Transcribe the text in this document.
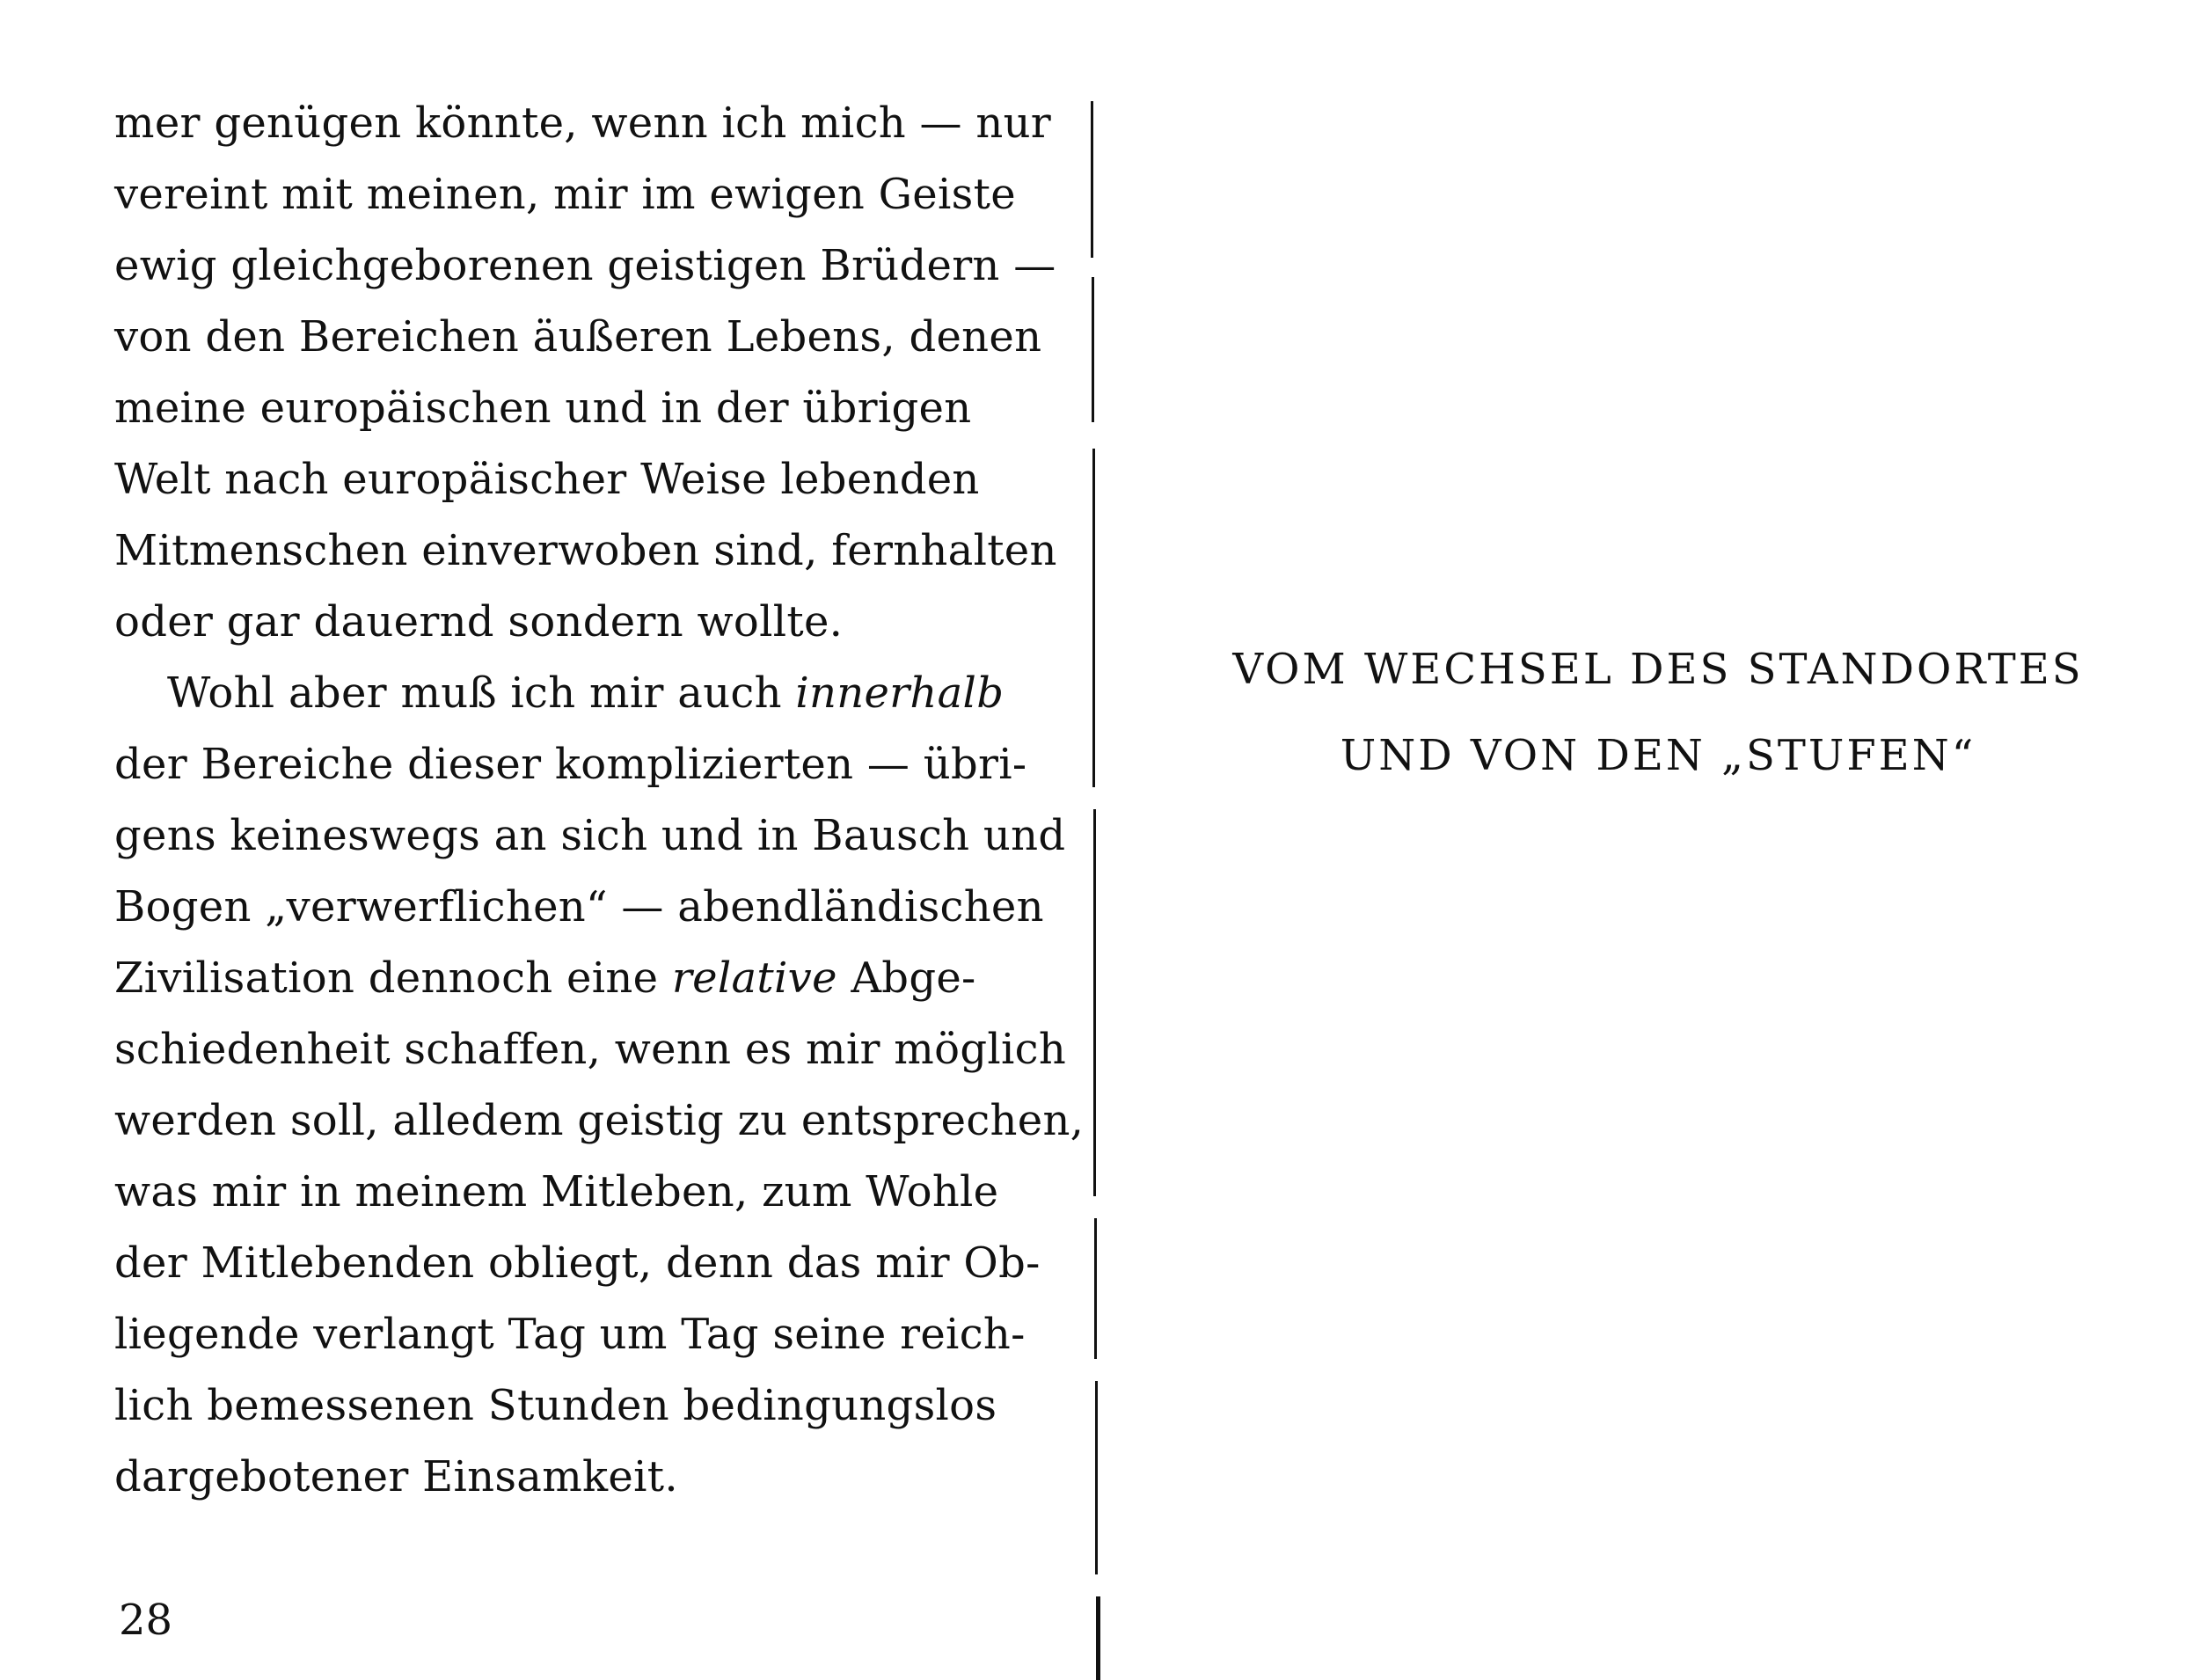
mer genügen könnte, wenn ich mich — nur
vereint mit meinen, mir im ewigen Geiste
ewig gleichgeborenen geistigen Brüdern —
von den Bereichen äußeren Lebens, denen
meine europäischen und in der übrigen
Welt nach europäischer Weise lebenden
Mitmenschen einverwoben sind, fernhalten
oder gar dauernd sondern wollte.
Wohl aber muß ich mir auch innerhalb
der Bereiche dieser komplizierten — übri-
gens keineswegs an sich und in Bausch und
Bogen „verwerflichen“ — abendländischen
Zivilisation dennoch eine relative Abge-
schiedenheit schaffen, wenn es mir möglich
werden soll, alledem geistig zu entsprechen,
was mir in meinem Mitleben, zum Wohle
der Mitlebenden obliegt, denn das mir Ob-
liegende verlangt Tag um Tag seine reich-
lich bemessenen Stunden bedingungslos
dargebotener Einsamkeit.
28
VOM WECHSEL DES STANDORTES
UND VON DEN „STUFEN“
